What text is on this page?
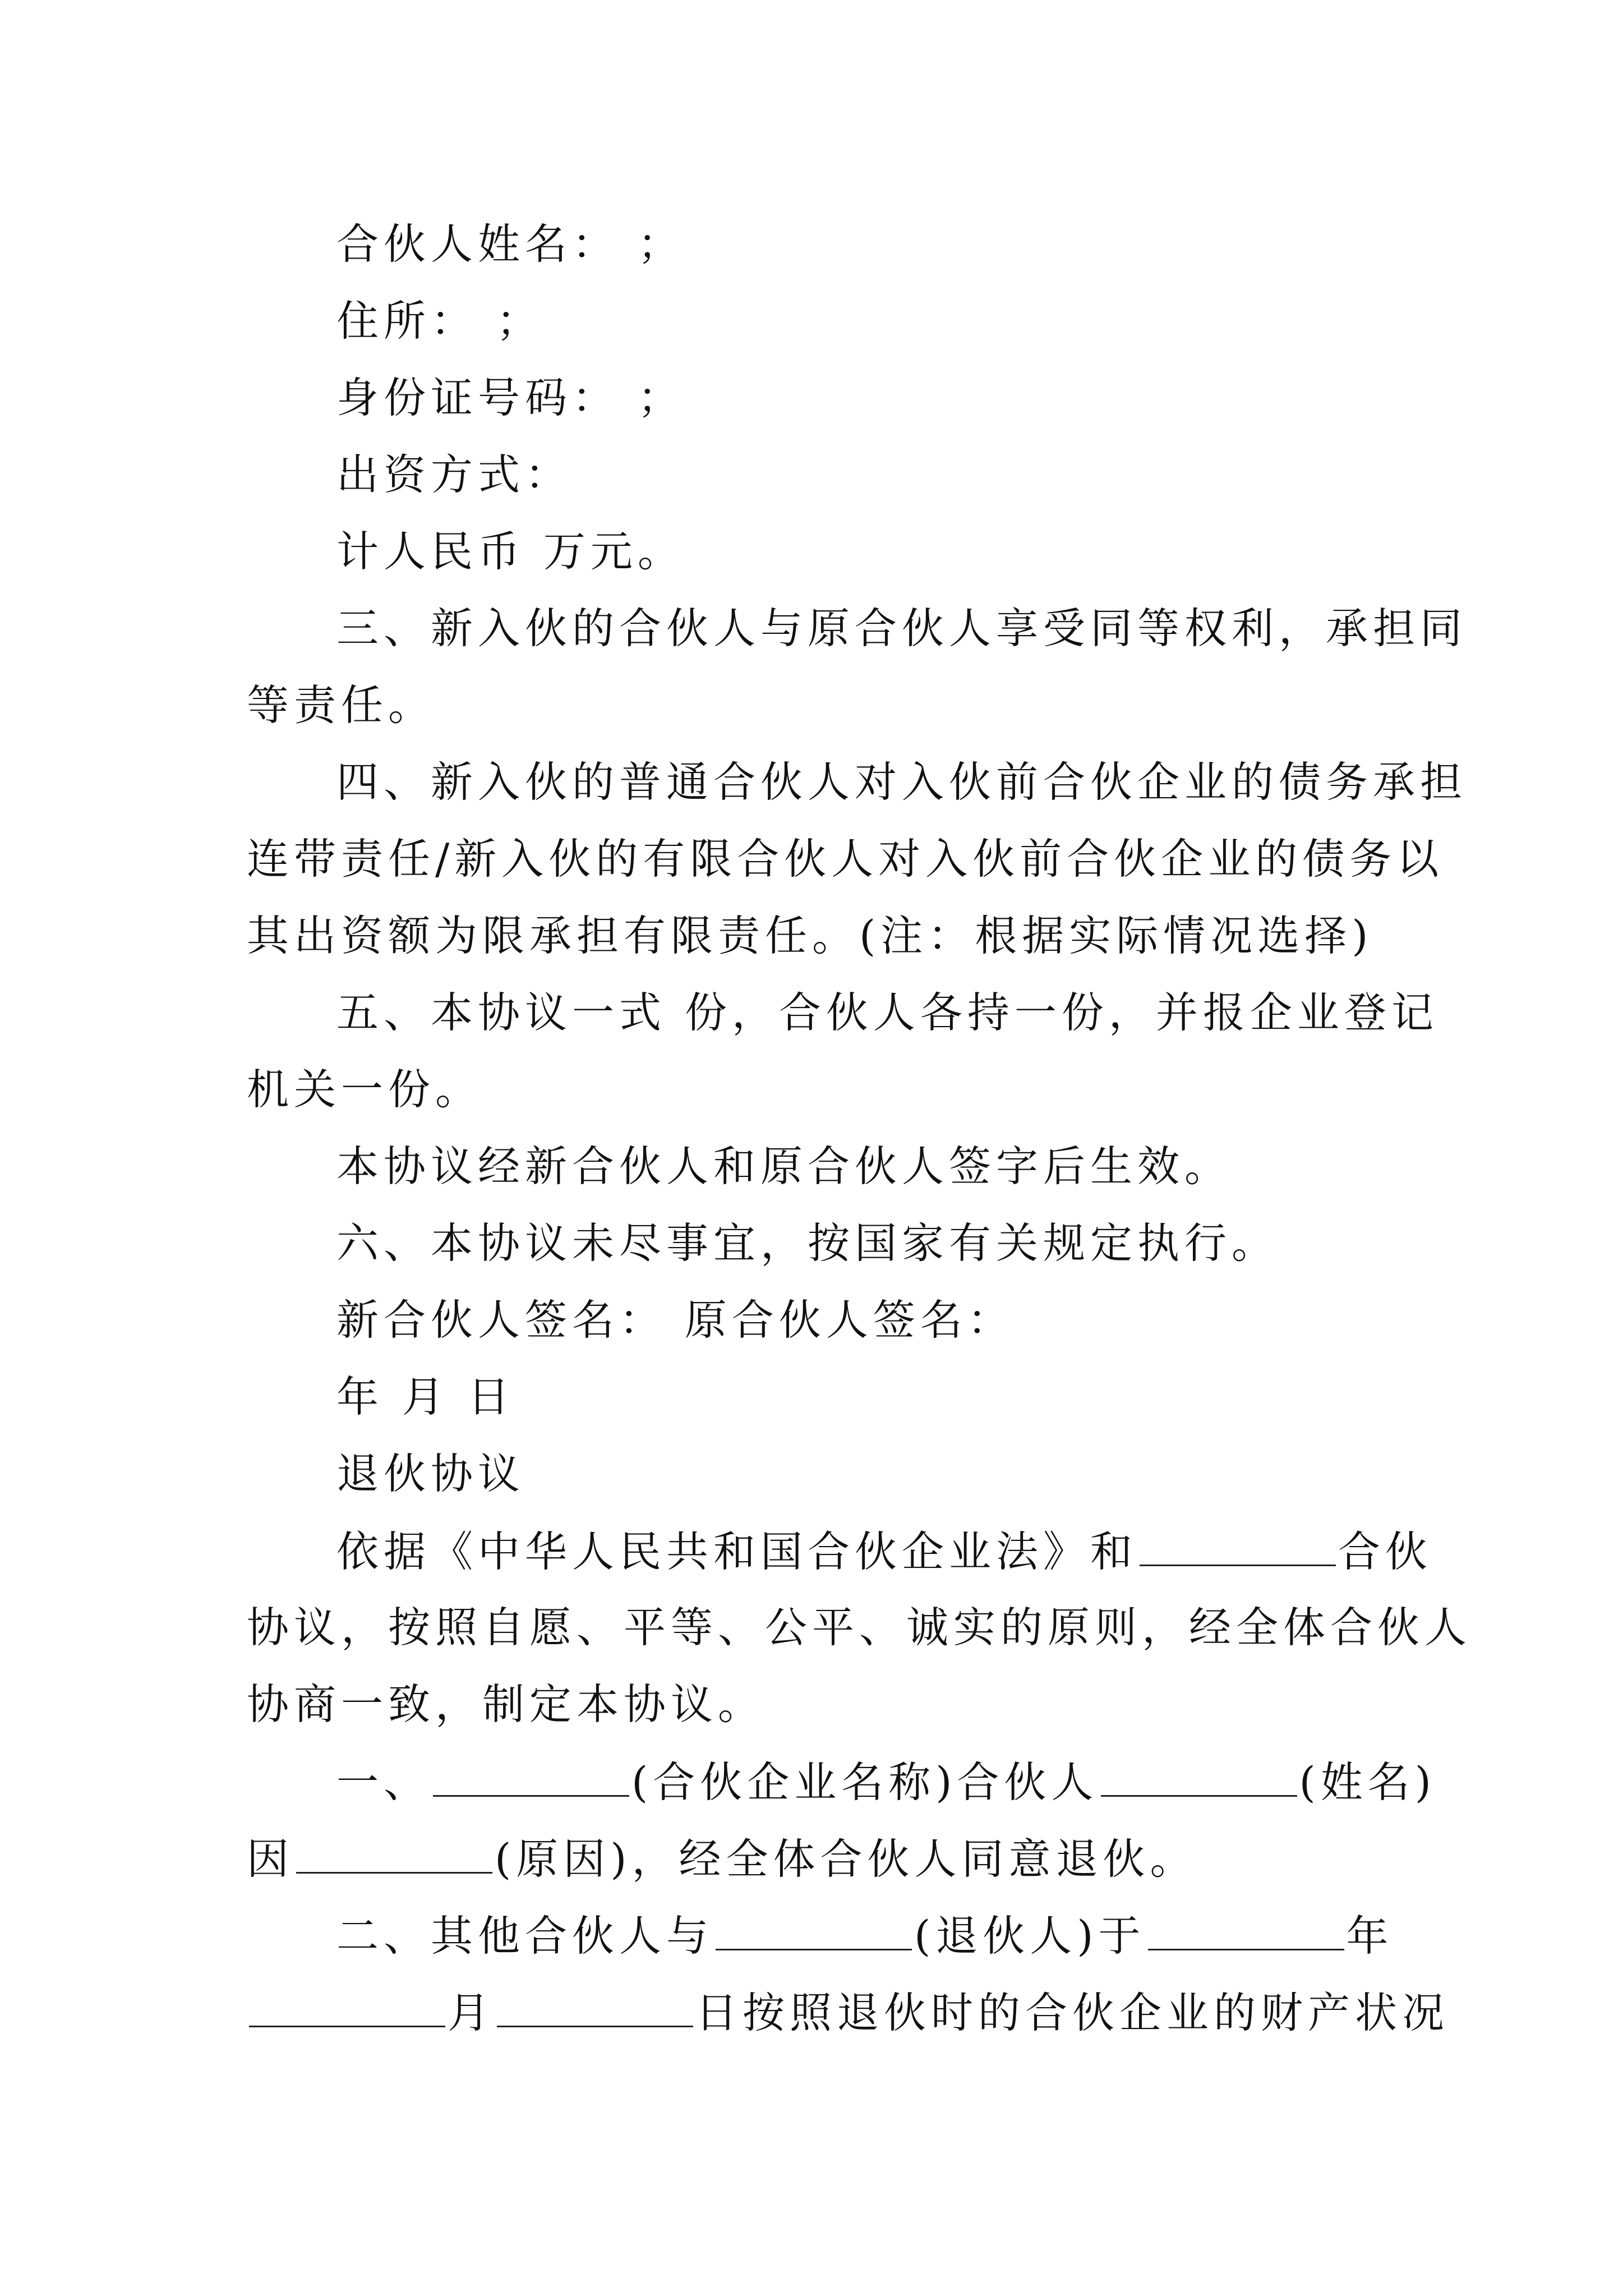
合伙人姓名： ；
住所： ；
身份证号码： ；
出资方式：
计人民币 万元。
三、新入伙的合伙人与原合伙人享受同等权利，承担同
等责任。
四、新入伙的普通合伙人对入伙前合伙企业的债务承担
连带责任/新入伙的有限合伙人对入伙前合伙企业的债务以
其出资额为限承担有限责任。(注：根据实际情况选择)
五、本协议一式 份，合伙人各持一份，并报企业登记
机关一份。
本协议经新合伙人和原合伙人签字后生效。
六、本协议未尽事宜，按国家有关规定执行。
新合伙人签名： 原合伙人签名：
年 月 日
退伙协议
依据《中华人民共和国合伙企业法》和	合伙
协议，按照自愿、平等、公平、诚实的原则，经全体合伙人
协商一致，制定本协议。
一、	(合伙企业名称)合伙人	(姓名)
因	(原因)，经全体合伙人同意退伙。
二、其他合伙人与	(退伙人)于	年
月	日按照退伙时的合伙企业的财产状况
